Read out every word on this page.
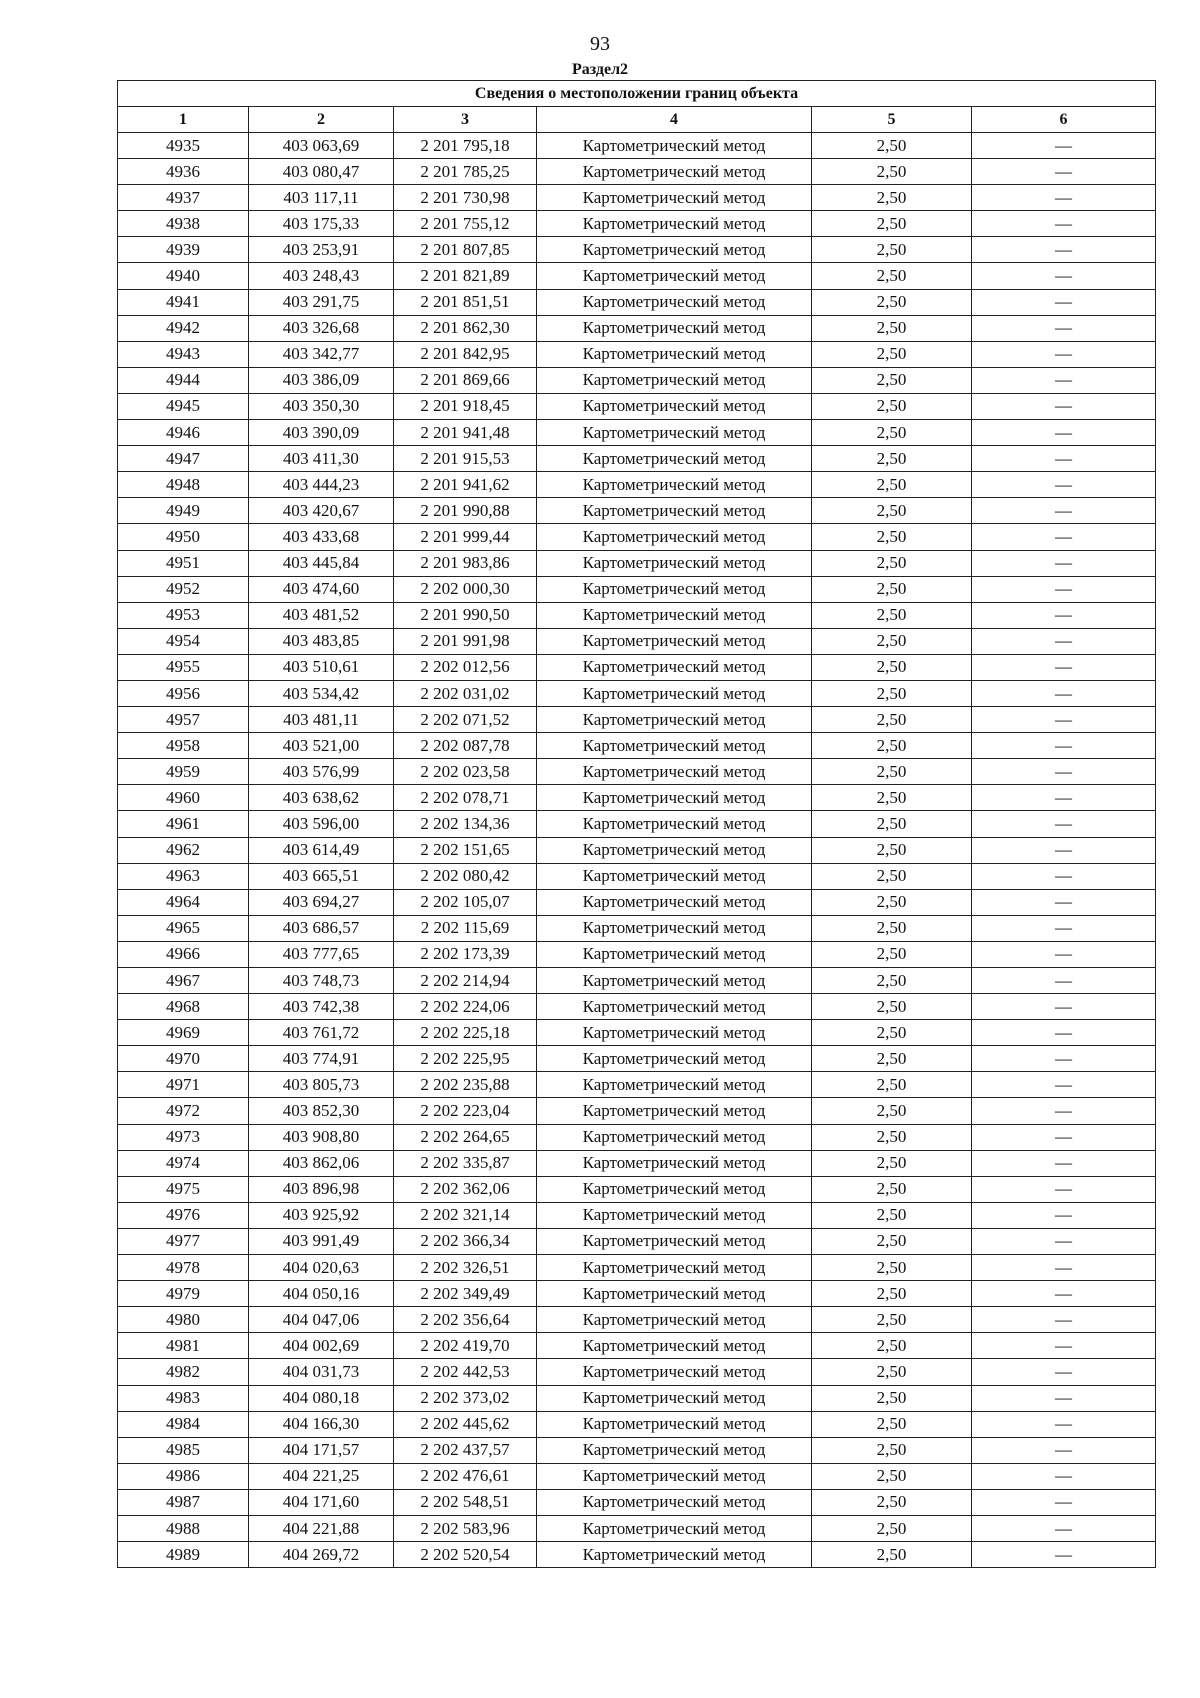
93
Раздел2
Сведения о местоположении границ объекта					
1	2	3	4	5	6
4935	403 063,69	2 201 795,18	Картометрический метод	2,50	—
4936	403 080,47	2 201 785,25	Картометрический метод	2,50	—
4937	403 117,11	2 201 730,98	Картометрический метод	2,50	—
4938	403 175,33	2 201 755,12	Картометрический метод	2,50	—
4939	403 253,91	2 201 807,85	Картометрический метод	2,50	—
4940	403 248,43	2 201 821,89	Картометрический метод	2,50	—
4941	403 291,75	2 201 851,51	Картометрический метод	2,50	—
4942	403 326,68	2 201 862,30	Картометрический метод	2,50	—
4943	403 342,77	2 201 842,95	Картометрический метод	2,50	—
4944	403 386,09	2 201 869,66	Картометрический метод	2,50	—
4945	403 350,30	2 201 918,45	Картометрический метод	2,50	—
4946	403 390,09	2 201 941,48	Картометрический метод	2,50	—
4947	403 411,30	2 201 915,53	Картометрический метод	2,50	—
4948	403 444,23	2 201 941,62	Картометрический метод	2,50	—
4949	403 420,67	2 201 990,88	Картометрический метод	2,50	—
4950	403 433,68	2 201 999,44	Картометрический метод	2,50	—
4951	403 445,84	2 201 983,86	Картометрический метод	2,50	—
4952	403 474,60	2 202 000,30	Картометрический метод	2,50	—
4953	403 481,52	2 201 990,50	Картометрический метод	2,50	—
4954	403 483,85	2 201 991,98	Картометрический метод	2,50	—
4955	403 510,61	2 202 012,56	Картометрический метод	2,50	—
4956	403 534,42	2 202 031,02	Картометрический метод	2,50	—
4957	403 481,11	2 202 071,52	Картометрический метод	2,50	—
4958	403 521,00	2 202 087,78	Картометрический метод	2,50	—
4959	403 576,99	2 202 023,58	Картометрический метод	2,50	—
4960	403 638,62	2 202 078,71	Картометрический метод	2,50	—
4961	403 596,00	2 202 134,36	Картометрический метод	2,50	—
4962	403 614,49	2 202 151,65	Картометрический метод	2,50	—
4963	403 665,51	2 202 080,42	Картометрический метод	2,50	—
4964	403 694,27	2 202 105,07	Картометрический метод	2,50	—
4965	403 686,57	2 202 115,69	Картометрический метод	2,50	—
4966	403 777,65	2 202 173,39	Картометрический метод	2,50	—
4967	403 748,73	2 202 214,94	Картометрический метод	2,50	—
4968	403 742,38	2 202 224,06	Картометрический метод	2,50	—
4969	403 761,72	2 202 225,18	Картометрический метод	2,50	—
4970	403 774,91	2 202 225,95	Картометрический метод	2,50	—
4971	403 805,73	2 202 235,88	Картометрический метод	2,50	—
4972	403 852,30	2 202 223,04	Картометрический метод	2,50	—
4973	403 908,80	2 202 264,65	Картометрический метод	2,50	—
4974	403 862,06	2 202 335,87	Картометрический метод	2,50	—
4975	403 896,98	2 202 362,06	Картометрический метод	2,50	—
4976	403 925,92	2 202 321,14	Картометрический метод	2,50	—
4977	403 991,49	2 202 366,34	Картометрический метод	2,50	—
4978	404 020,63	2 202 326,51	Картометрический метод	2,50	—
4979	404 050,16	2 202 349,49	Картометрический метод	2,50	—
4980	404 047,06	2 202 356,64	Картометрический метод	2,50	—
4981	404 002,69	2 202 419,70	Картометрический метод	2,50	—
4982	404 031,73	2 202 442,53	Картометрический метод	2,50	—
4983	404 080,18	2 202 373,02	Картометрический метод	2,50	—
4984	404 166,30	2 202 445,62	Картометрический метод	2,50	—
4985	404 171,57	2 202 437,57	Картометрический метод	2,50	—
4986	404 221,25	2 202 476,61	Картометрический метод	2,50	—
4987	404 171,60	2 202 548,51	Картометрический метод	2,50	—
4988	404 221,88	2 202 583,96	Картометрический метод	2,50	—
4989	404 269,72	2 202 520,54	Картометрический метод	2,50	—
